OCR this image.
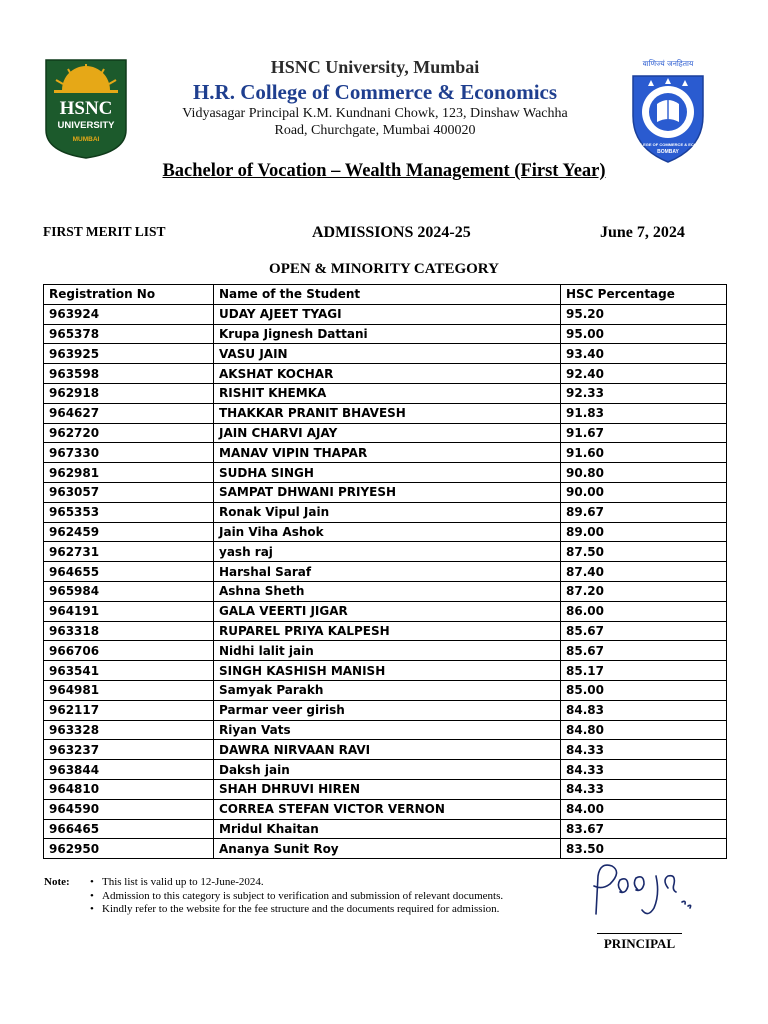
HSNC
UNIVERSITY
MUMBAI
HSNC University, Mumbai
H.R. College of Commerce & Economics
Vidyasagar Principal K.M. Kundnani Chowk, 123, Dinshaw Wachha
Road, Churchgate, Mumbai 400020
वाणिज्यं जनहिताय
H.R. COLLEGE OF COMMERCE & ECONOMICS
BOMBAY
Bachelor of Vocation – Wealth Management (First Year)
FIRST MERIT LIST	ADMISSIONS 2024-25	June 7, 2024
OPEN & MINORITY CATEGORY
Registration No	Name of the Student	HSC Percentage
963924	UDAY AJEET TYAGI	95.20
965378	Krupa Jignesh Dattani	95.00
963925	VASU JAIN	93.40
963598	AKSHAT KOCHAR	92.40
962918	RISHIT KHEMKA	92.33
964627	THAKKAR PRANIT BHAVESH	91.83
962720	JAIN CHARVI AJAY	91.67
967330	MANAV VIPIN THAPAR	91.60
962981	SUDHA SINGH	90.80
963057	SAMPAT DHWANI PRIYESH	90.00
965353	Ronak Vipul Jain	89.67
962459	Jain Viha Ashok	89.00
962731	yash raj	87.50
964655	Harshal Saraf	87.40
965984	Ashna Sheth	87.20
964191	GALA VEERTI JIGAR	86.00
963318	RUPAREL PRIYA KALPESH	85.67
966706	Nidhi lalit jain	85.67
963541	SINGH KASHISH MANISH	85.17
964981	Samyak Parakh	85.00
962117	Parmar veer girish	84.83
963328	Riyan Vats	84.80
963237	DAWRA NIRVAAN RAVI	84.33
963844	Daksh jain	84.33
964810	SHAH DHRUVI HIREN	84.33
964590	CORREA STEFAN VICTOR VERNON	84.00
966465	Mridul Khaitan	83.67
962950	Ananya Sunit Roy	83.50
Note:	• This list is valid up to 12-June-2024.
• Admission to this category is subject to verification and submission of relevant documents.
• Kindly refer to the website for the fee structure and the documents required for admission.
PRINCIPAL
